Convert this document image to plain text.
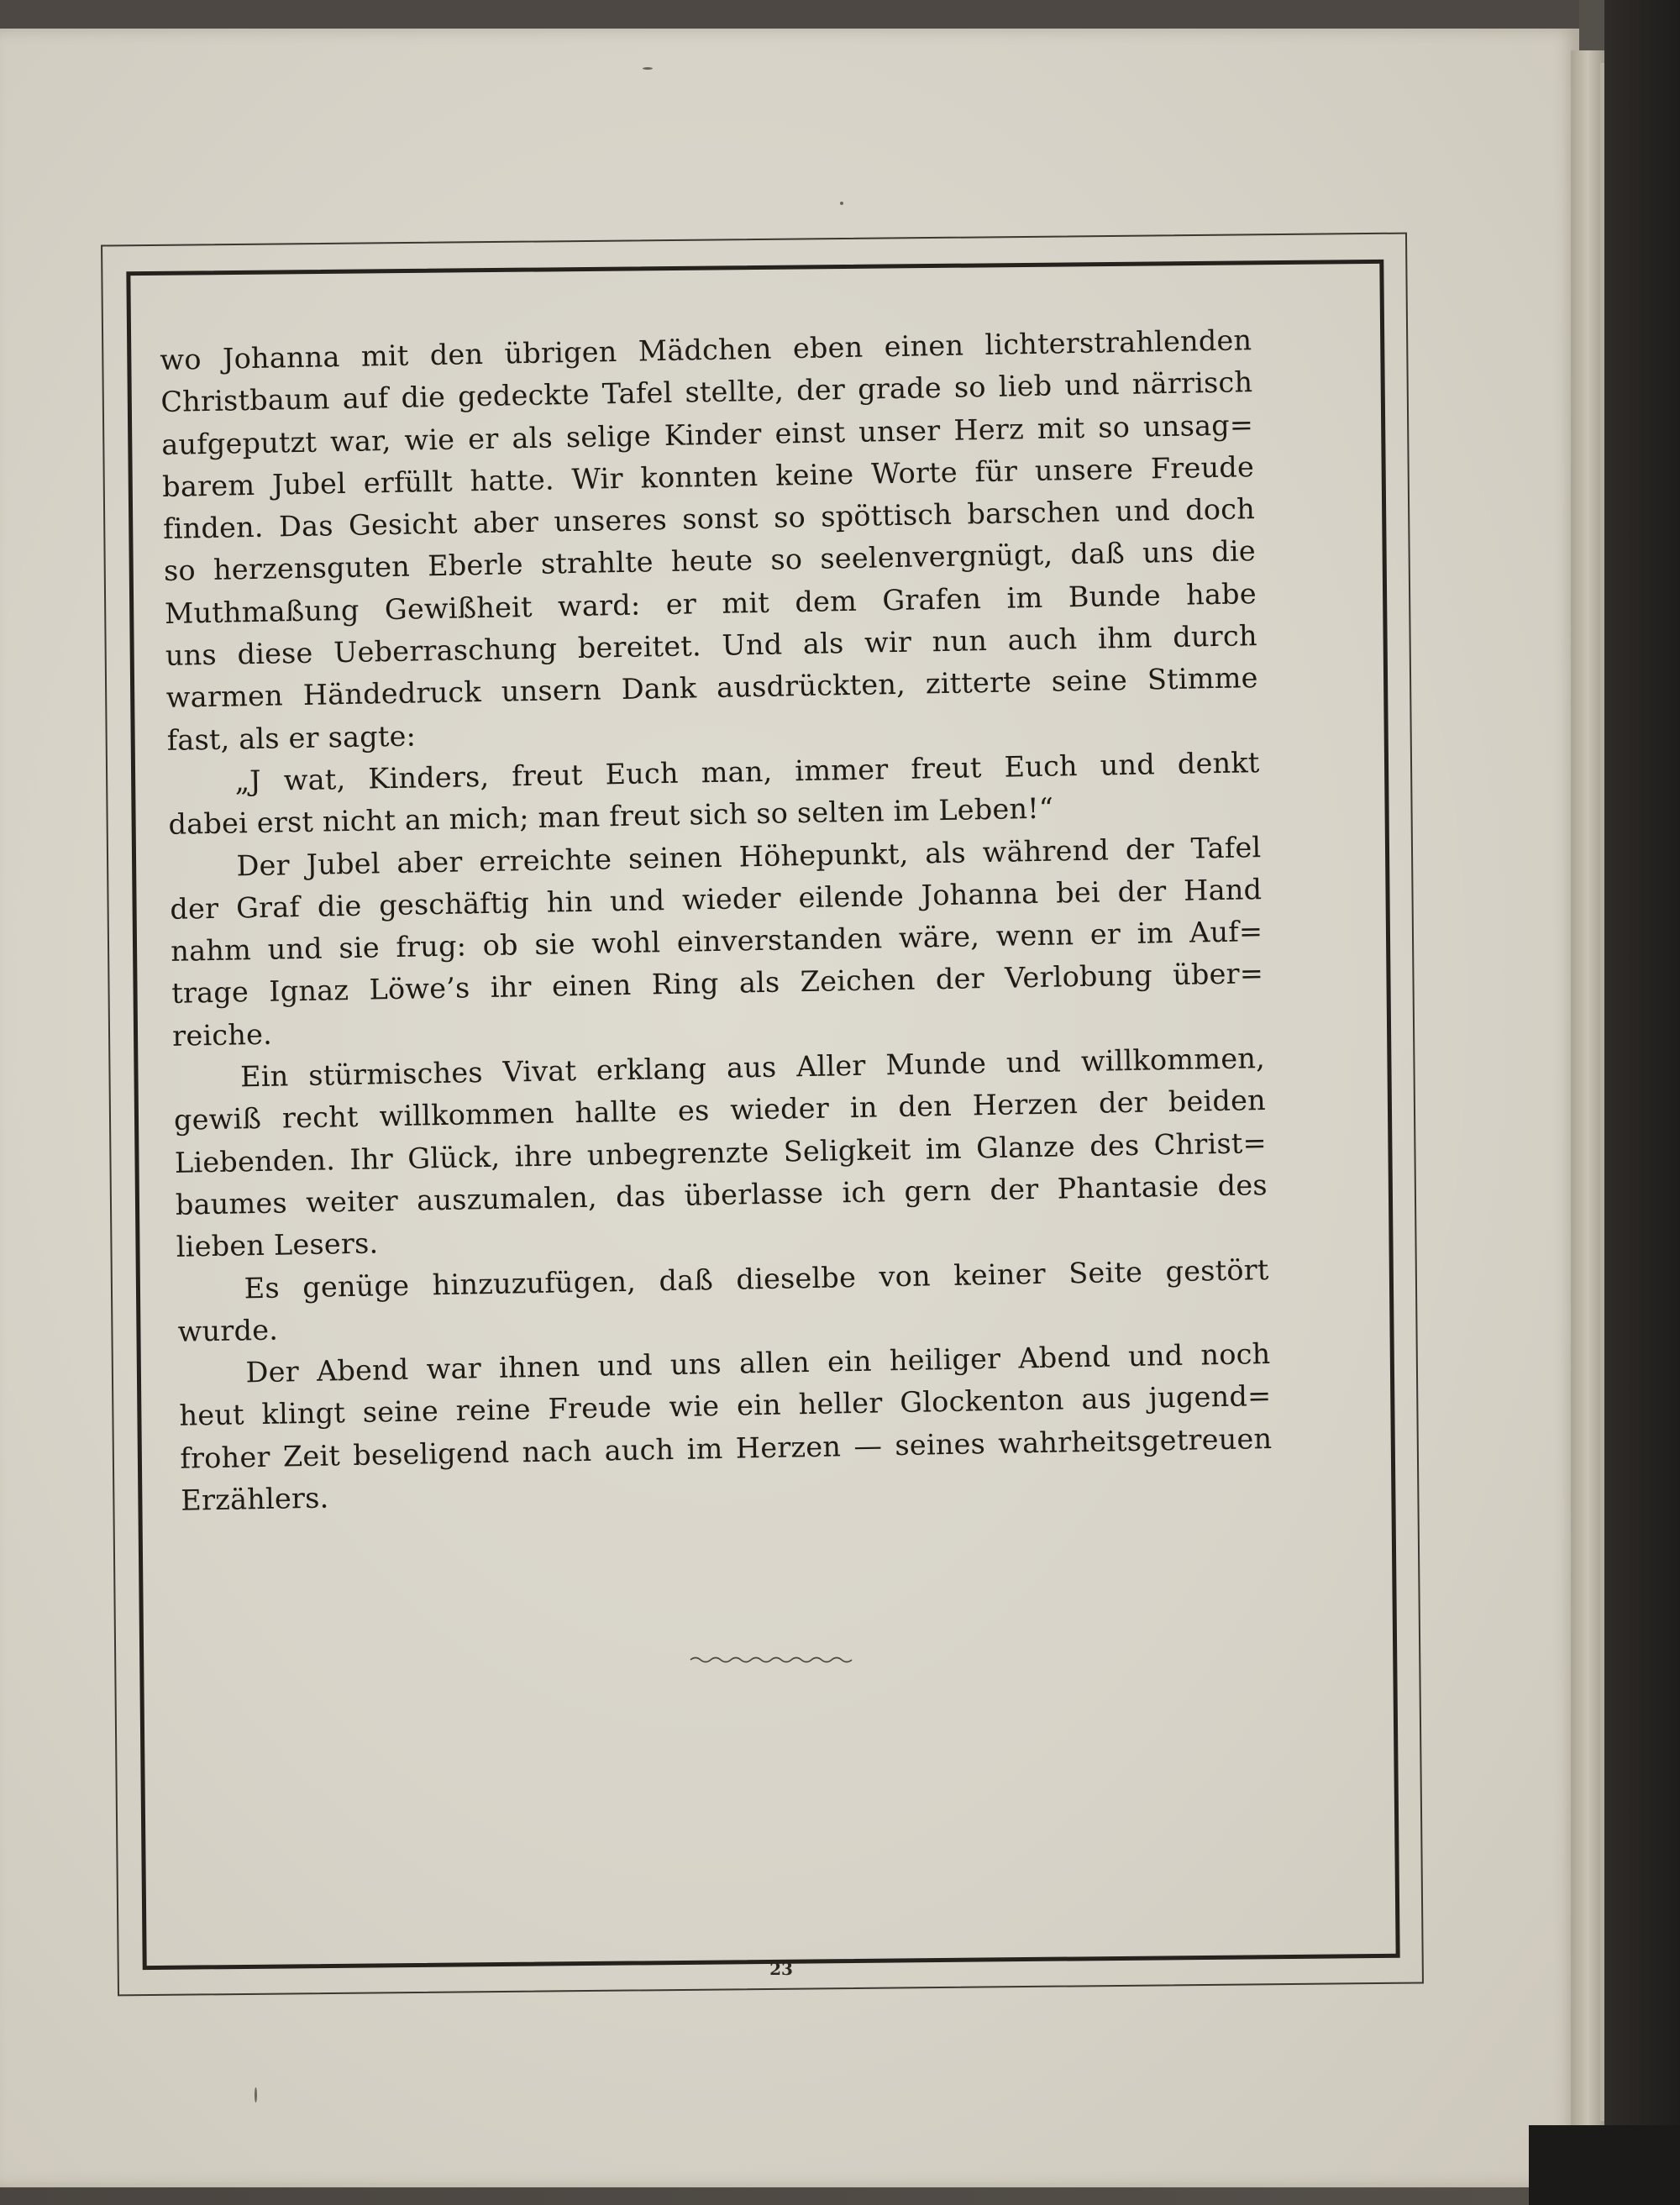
wo Johanna mit den übrigen Mädchen eben einen lichterstrahlenden
Christbaum auf die gedeckte Tafel stellte, der grade so lieb und närrisch
aufgeputzt war, wie er als selige Kinder einst unser Herz mit so unsag=
barem Jubel erfüllt hatte. Wir konnten keine Worte für unsere Freude
finden. Das Gesicht aber unseres sonst so spöttisch barschen und doch
so herzensguten Eberle strahlte heute so seelenvergnügt, daß uns die
Muthmaßung Gewißheit ward: er mit dem Grafen im Bunde habe
uns diese Ueberraschung bereitet. Und als wir nun auch ihm durch
warmen Händedruck unsern Dank ausdrückten, zitterte seine Stimme
fast, als er sagte:
„J wat, Kinders, freut Euch man, immer freut Euch und denkt
dabei erst nicht an mich; man freut sich so selten im Leben!“
Der Jubel aber erreichte seinen Höhepunkt, als während der Tafel
der Graf die geschäftig hin und wieder eilende Johanna bei der Hand
nahm und sie frug: ob sie wohl einverstanden wäre, wenn er im Auf=
trage Ignaz Löwe’s ihr einen Ring als Zeichen der Verlobung über=
reiche.
Ein stürmisches Vivat erklang aus Aller Munde und willkommen,
gewiß recht willkommen hallte es wieder in den Herzen der beiden
Liebenden. Ihr Glück, ihre unbegrenzte Seligkeit im Glanze des Christ=
baumes weiter auszumalen, das überlasse ich gern der Phantasie des
lieben Lesers.
Es genüge hinzuzufügen, daß dieselbe von keiner Seite gestört
wurde.
Der Abend war ihnen und uns allen ein heiliger Abend und noch
heut klingt seine reine Freude wie ein heller Glockenton aus jugend=
froher Zeit beseligend nach auch im Herzen — seines wahrheitsgetreuen
Erzählers.
23
